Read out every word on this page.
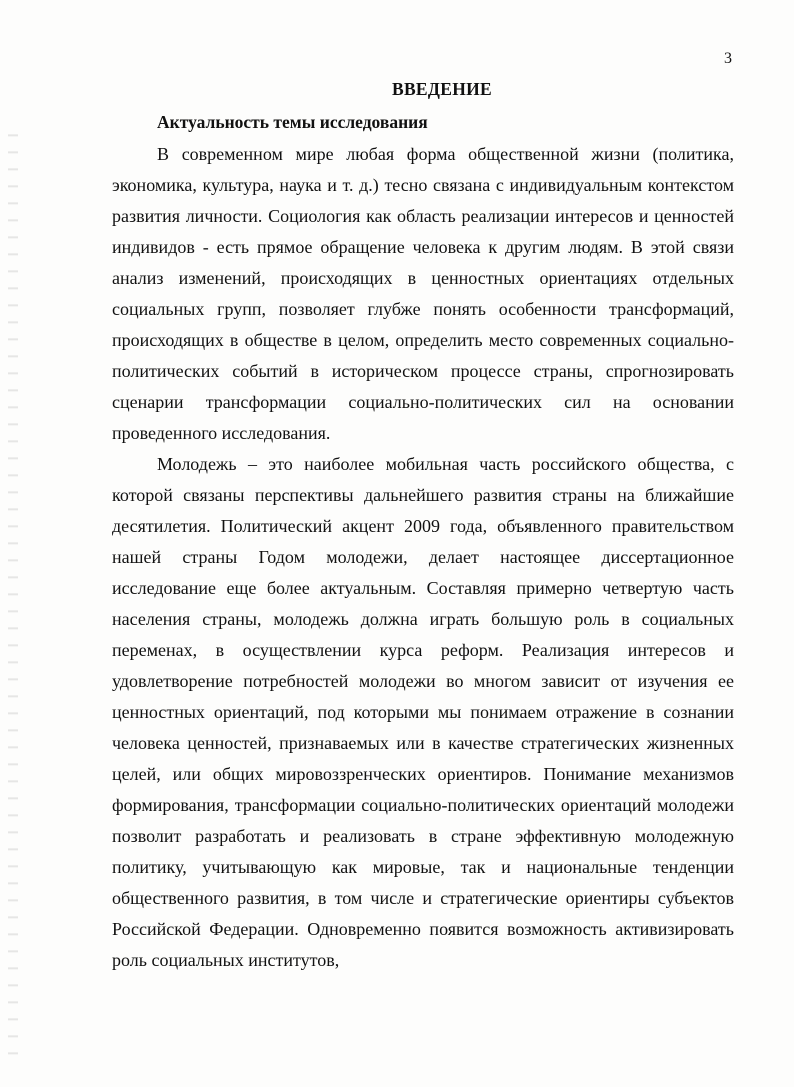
3
ВВЕДЕНИЕ
Актуальность темы исследования

В современном мире любая форма общественной жизни (политика, экономика, культура, наука и т. д.) тесно связана с индивидуальным контекстом развития личности. Социология как область реализации интересов и ценностей индивидов - есть прямое обращение человека к другим людям. В этой связи анализ изменений, происходящих в ценностных ориентациях отдельных социальных групп, позволяет глубже понять особенности трансформаций, происходящих в обществе в целом, определить место современных социально-политических событий в историческом процессе страны, спрогнозировать сценарии трансформации социально-политических сил на основании проведенного исследования.

Молодежь – это наиболее мобильная часть российского общества, с которой связаны перспективы дальнейшего развития страны на ближайшие десятилетия. Политический акцент 2009 года, объявленного правительством нашей страны Годом молодежи, делает настоящее диссертационное исследование еще более актуальным. Составляя примерно четвертую часть населения страны, молодежь должна играть большую роль в социальных переменах, в осуществлении курса реформ. Реализация интересов и удовлетворение потребностей молодежи во многом зависит от изучения ее ценностных ориентаций, под которыми мы понимаем отражение в сознании человека ценностей, признаваемых или в качестве стратегических жизненных целей, или общих мировоззренческих ориентиров. Понимание механизмов формирования, трансформации социально-политических ориентаций молодежи позволит разработать и реализовать в стране эффективную молодежную политику, учитывающую как мировые, так и национальные тенденции общественного развития, в том числе и стратегические ориентиры субъектов Российской Федерации. Одновременно появится возможность активизировать роль социальных институтов,
